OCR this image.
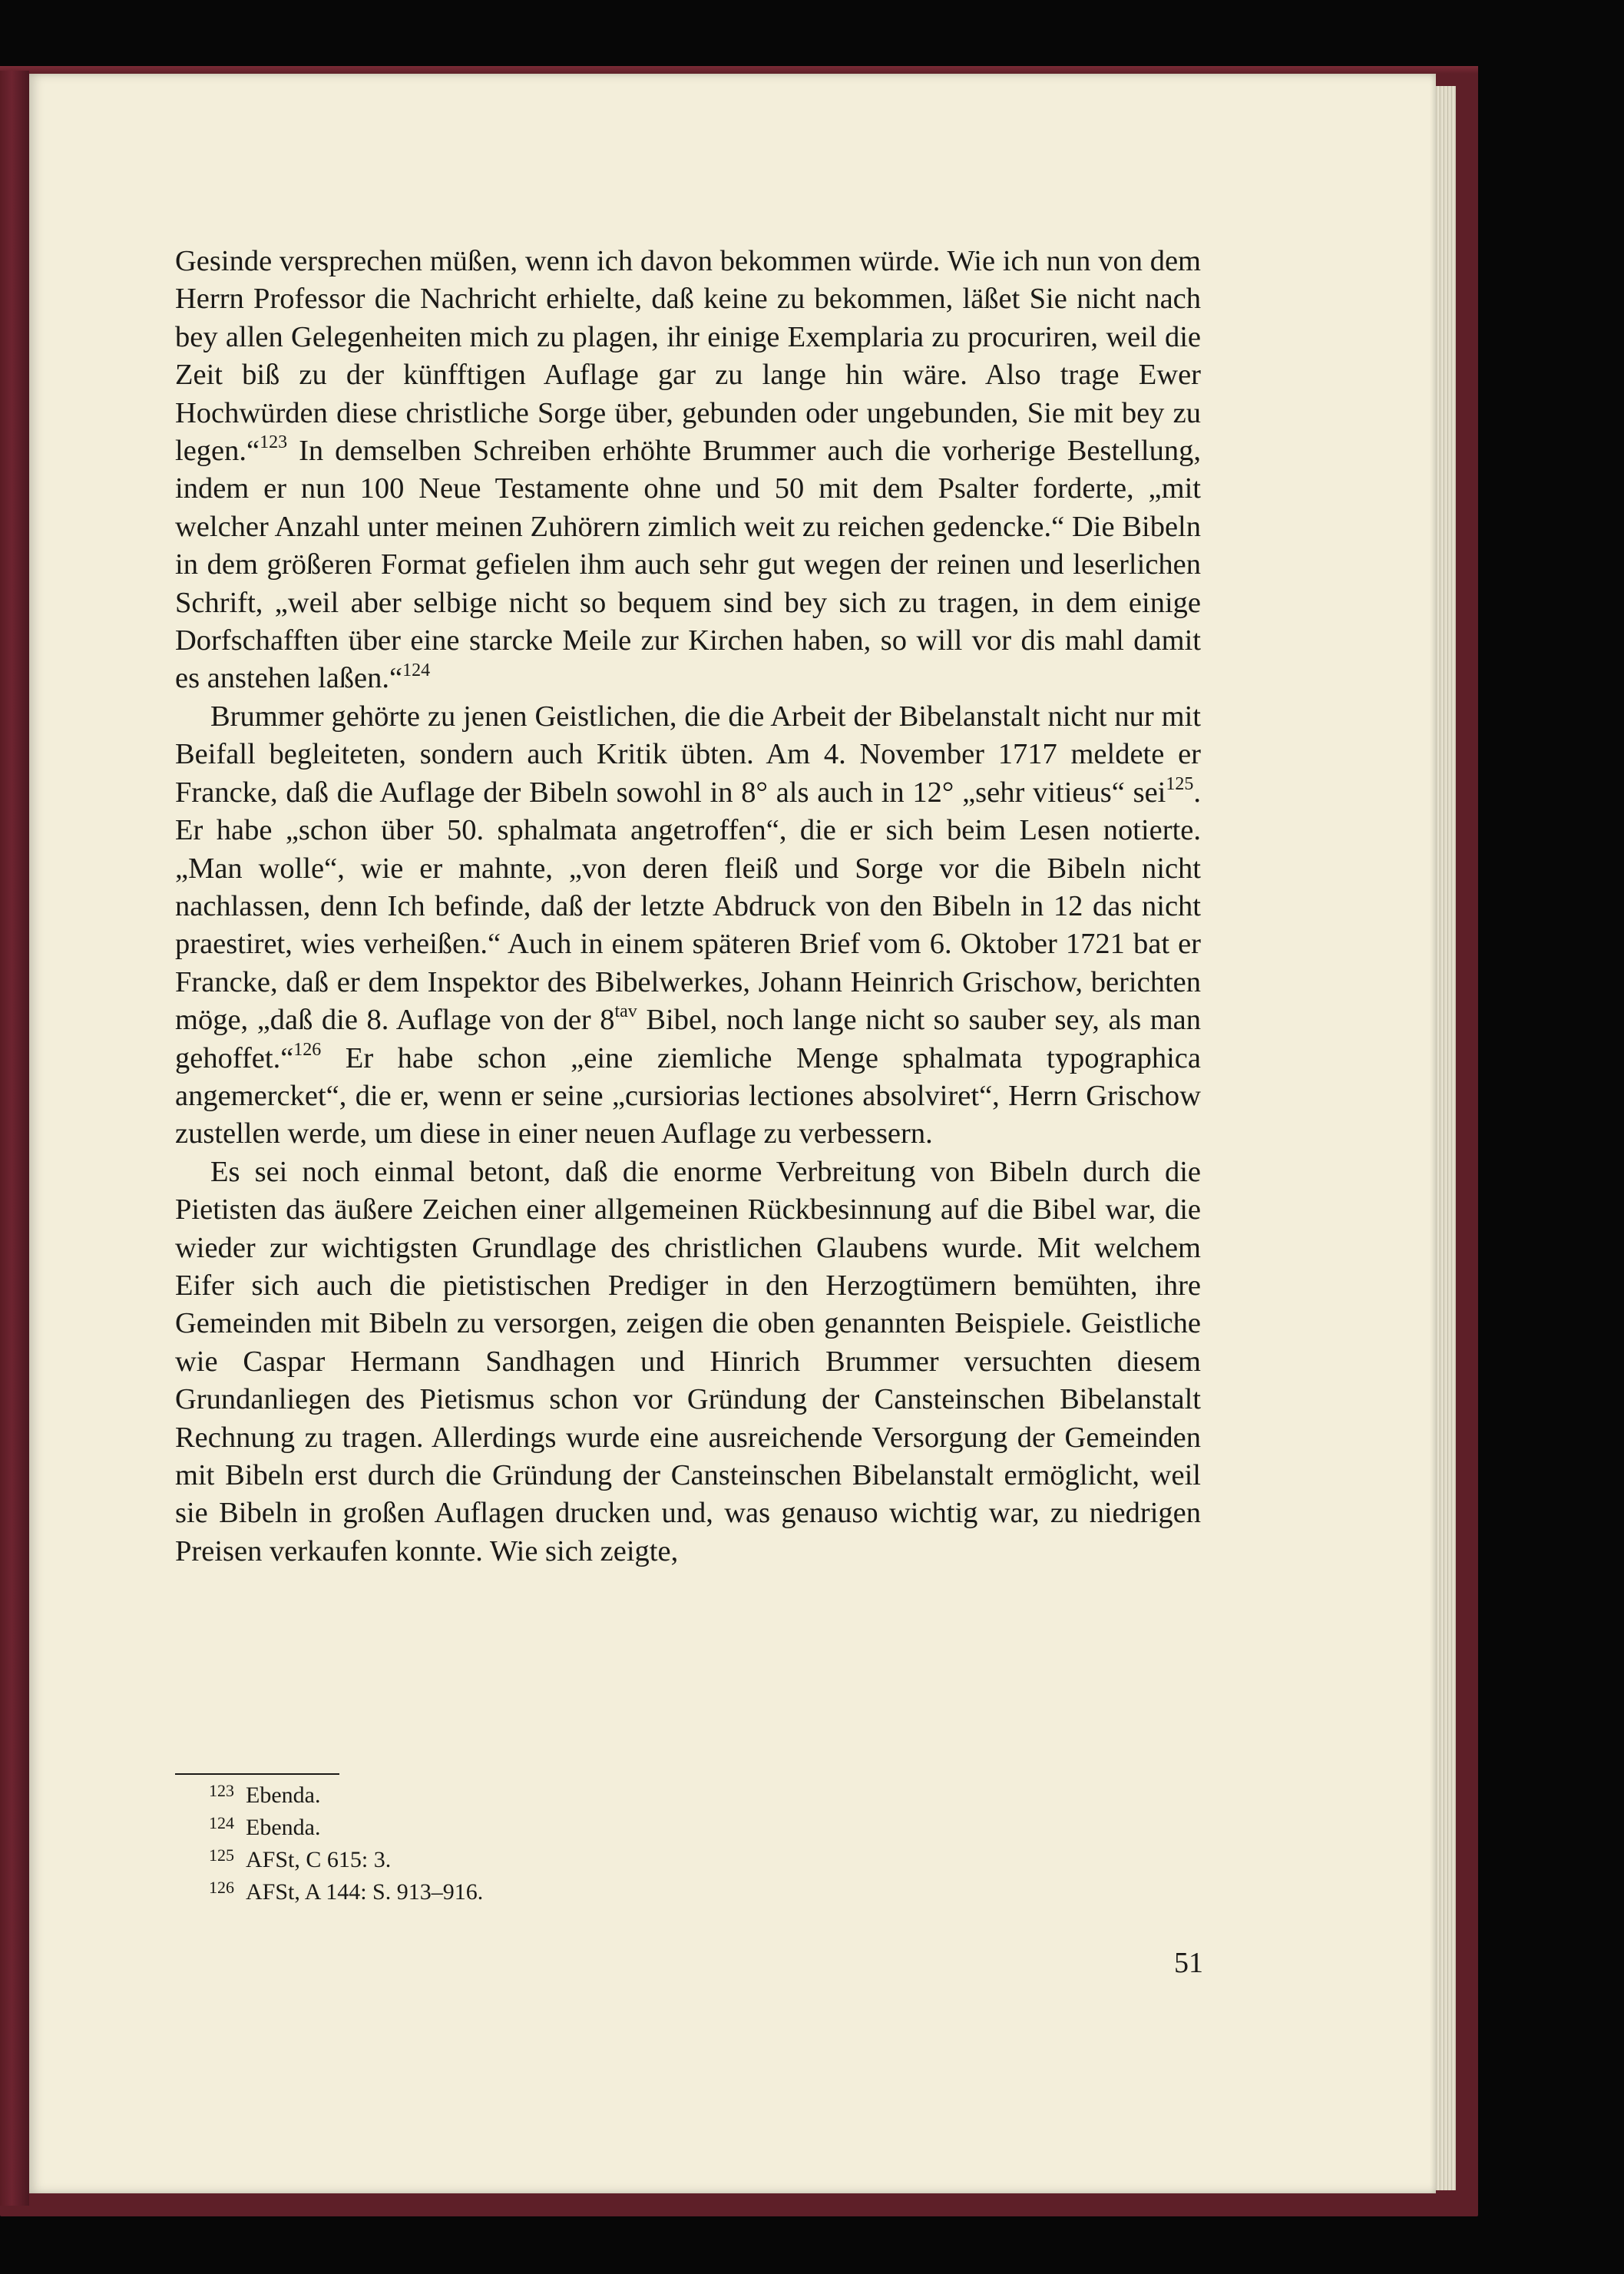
Gesinde versprechen müßen, wenn ich davon bekommen würde. Wie ich nun von dem Herrn Professor die Nachricht erhielte, daß keine zu bekommen, läßet Sie nicht nach bey allen Gelegenheiten mich zu plagen, ihr einige Exemplaria zu procuriren, weil die Zeit biß zu der künfftigen Auflage gar zu lange hin wäre. Also trage Ewer Hochwürden diese christliche Sorge über, gebunden oder ungebunden, Sie mit bey zu legen.“$^{123}$ In demselben Schreiben erhöhte Brummer auch die vorherige Bestellung, indem er nun 100 Neue Testamente ohne und 50 mit dem Psalter forderte, „mit welcher Anzahl unter meinen Zuhörern zimlich weit zu reichen gedencke.“ Die Bibeln in dem größeren Format gefielen ihm auch sehr gut wegen der reinen und leserlichen Schrift, „weil aber selbige nicht so bequem sind bey sich zu tragen, in dem einige Dorfschafften über eine starcke Meile zur Kirchen haben, so will vor dis mahl damit es anstehen laßen.“$^{124}$

Brummer gehörte zu jenen Geistlichen, die die Arbeit der Bibelanstalt nicht nur mit Beifall begleiteten, sondern auch Kritik übten. Am 4. November 1717 meldete er Francke, daß die Auflage der Bibeln sowohl in 8° als auch in 12° „sehr vitieus“ sei$^{125}$. Er habe „schon über 50. sphalmata angetroffen“, die er sich beim Lesen notierte. „Man wolle“, wie er mahnte, „von deren fleiß und Sorge vor die Bibeln nicht nachlassen, denn Ich befinde, daß der letzte Abdruck von den Bibeln in 12 das nicht praestiret, wies verheißen.“ Auch in einem späteren Brief vom 6. Oktober 1721 bat er Francke, daß er dem Inspektor des Bibelwerkes, Johann Heinrich Grischow, berichten möge, „daß die 8. Auflage von der $8^{tav}$ Bibel, noch lange nicht so sauber sey, als man gehoffet.“$^{126}$ Er habe schon „eine ziemliche Menge sphalmata typographica angemercket“, die er, wenn er seine „cursiorias lectiones absolviret“, Herrn Grischow zustellen werde, um diese in einer neuen Auflage zu verbessern.

Es sei noch einmal betont, daß die enorme Verbreitung von Bibeln durch die Pietisten das äußere Zeichen einer allgemeinen Rückbesinnung auf die Bibel war, die wieder zur wichtigsten Grundlage des christlichen Glaubens wurde. Mit welchem Eifer sich auch die pietistischen Prediger in den Herzogtümern bemühten, ihre Gemeinden mit Bibeln zu versorgen, zeigen die oben genannten Beispiele. Geistliche wie Caspar Hermann Sandhagen und Hinrich Brummer versuchten diesem Grundanliegen des Pietismus schon vor Gründung der Cansteinschen Bibelanstalt Rechnung zu tragen. Allerdings wurde eine ausreichende Versorgung der Gemeinden mit Bibeln erst durch die Gründung der Cansteinschen Bibelanstalt ermöglicht, weil sie Bibeln in großen Auflagen drucken und, was genauso wichtig war, zu niedrigen Preisen verkaufen konnte. Wie sich zeigte,

123 Ebenda.
124 Ebenda.
125 AFSt, C 615: 3.
126 AFSt, A 144: S. 913–916.
51
